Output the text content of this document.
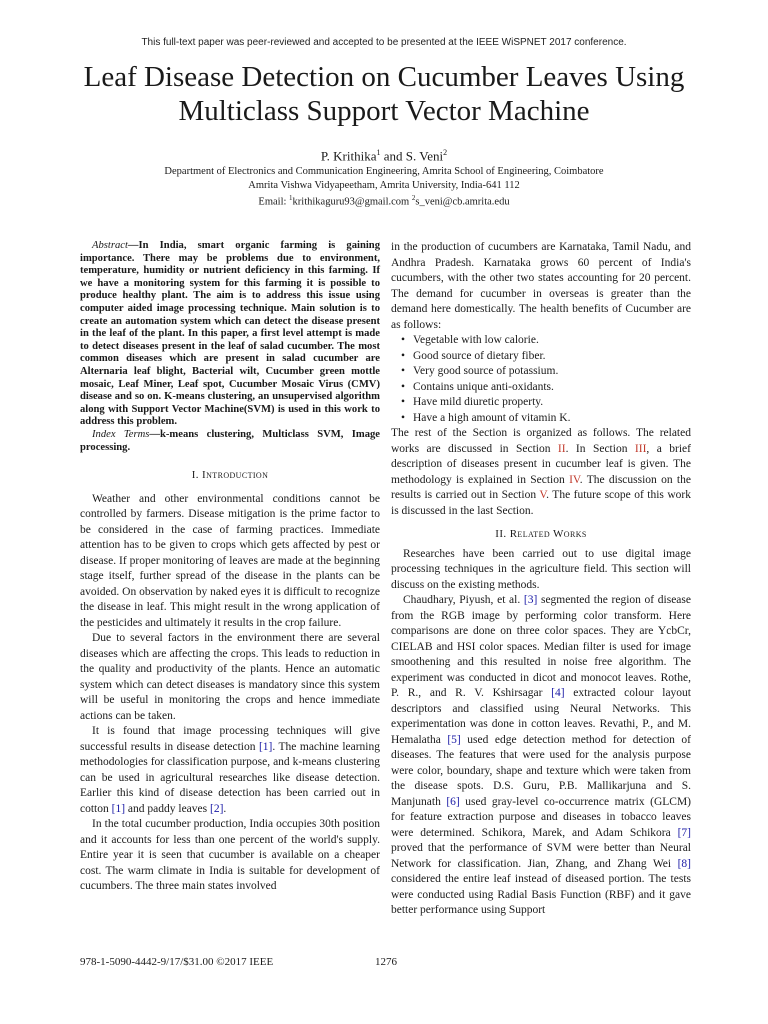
This full-text paper was peer-reviewed and accepted to be presented at the IEEE WiSPNET 2017 conference.
Leaf Disease Detection on Cucumber Leaves Using Multiclass Support Vector Machine
P. Krithika$^1$ and S. Veni$^2$
Department of Electronics and Communication Engineering, Amrita School of Engineering, Coimbatore
Amrita Vishwa Vidyapeetham, Amrita University, India-641 112
Email: $^1$krithikaguru93@gmail.com $^2$s_veni@cb.amrita.edu

Abstract—In India, smart organic farming is gaining importance. There may be problems due to environment, temperature, humidity or nutrient deficiency in this farming. If we have a monitoring system for this farming it is possible to produce healthy plant. The aim is to address this issue using computer aided image processing technique. Main solution is to create an automation system which can detect the disease present in the leaf of the plant. In this paper, a first level attempt is made to detect diseases present in the leaf of salad cucumber. The most common diseases which are present in salad cucumber are Alternaria leaf blight, Bacterial wilt, Cucumber green mottle mosaic, Leaf Miner, Leaf spot, Cucumber Mosaic Virus (CMV) disease and so on. K-means clustering, an unsupervised algorithm along with Support Vector Machine(SVM) is used in this work to address this problem.

Index Terms—k-means clustering, Multiclass SVM, Image processing.

I. Introduction

Weather and other environmental conditions cannot be controlled by farmers. Disease mitigation is the prime factor to be considered in the case of farming practices. Immediate attention has to be given to crops which gets affected by pest or disease. If proper monitoring of leaves are made at the beginning stage itself, further spread of the disease in the plants can be avoided. On observation by naked eyes it is difficult to recognize the disease in leaf. This might result in the wrong application of the pesticides and ultimately it results in the crop failure.

Due to several factors in the environment there are several diseases which are affecting the crops. This leads to reduction in the quality and productivity of the plants. Hence an automatic system which can detect diseases is mandatory since this system will be useful in monitoring the crops and hence immediate actions can be taken.

It is found that image processing techniques will give successful results in disease detection [1]. The machine learning methodologies for classification purpose, and k-means clustering can be used in agricultural researches like disease detection. Earlier this kind of disease detection has been carried out in cotton [1] and paddy leaves [2].

In the total cucumber production, India occupies 30th position and it accounts for less than one percent of the world's supply. Entire year it is seen that cucumber is available on a cheaper cost. The warm climate in India is suitable for development of cucumbers. The three main states involved

in the production of cucumbers are Karnataka, Tamil Nadu, and Andhra Pradesh. Karnataka grows 60 percent of India's cucumbers, with the other two states accounting for 20 percent. The demand for cucumber in overseas is greater than the demand here domestically. The health benefits of Cucumber are as follows:

• Vegetable with low calorie.
• Good source of dietary fiber.
• Very good source of potassium.
• Contains unique anti-oxidants.
• Have mild diuretic property.
• Have a high amount of vitamin K.

The rest of the Section is organized as follows. The related works are discussed in Section II. In Section III, a brief description of diseases present in cucumber leaf is given. The methodology is explained in Section IV. The discussion on the results is carried out in Section V. The future scope of this work is discussed in the last Section.

II. Related Works

Researches have been carried out to use digital image processing techniques in the agriculture field. This section will discuss on the existing methods.

Chaudhary, Piyush, et al. [3] segmented the region of disease from the RGB image by performing color transform. Here comparisons are done on three color spaces. They are YcbCr, CIELAB and HSI color spaces. Median filter is used for image smoothening and this resulted in noise free algorithm. The experiment was conducted in dicot and monocot leaves. Rothe, P. R., and R. V. Kshirsagar [4] extracted colour layout descriptors and classified using Neural Networks. This experimentation was done in cotton leaves. Revathi, P., and M. Hemalatha [5] used edge detection method for detection of diseases. The features that were used for the analysis purpose were color, boundary, shape and texture which were taken from the disease spots. D.S. Guru, P.B. Mallikarjuna and S. Manjunath [6] used gray-level co-occurrence matrix (GLCM) for feature extraction purpose and diseases in tobacco leaves were determined. Schikora, Marek, and Adam Schikora [7] proved that the performance of SVM were better than Neural Network for classification. Jian, Zhang, and Zhang Wei [8] considered the entire leaf instead of diseased portion. The tests were conducted using Radial Basis Function (RBF) and it gave better performance using Support

978-1-5090-4442-9/17/$31.00 ©2017 IEEE	1276
